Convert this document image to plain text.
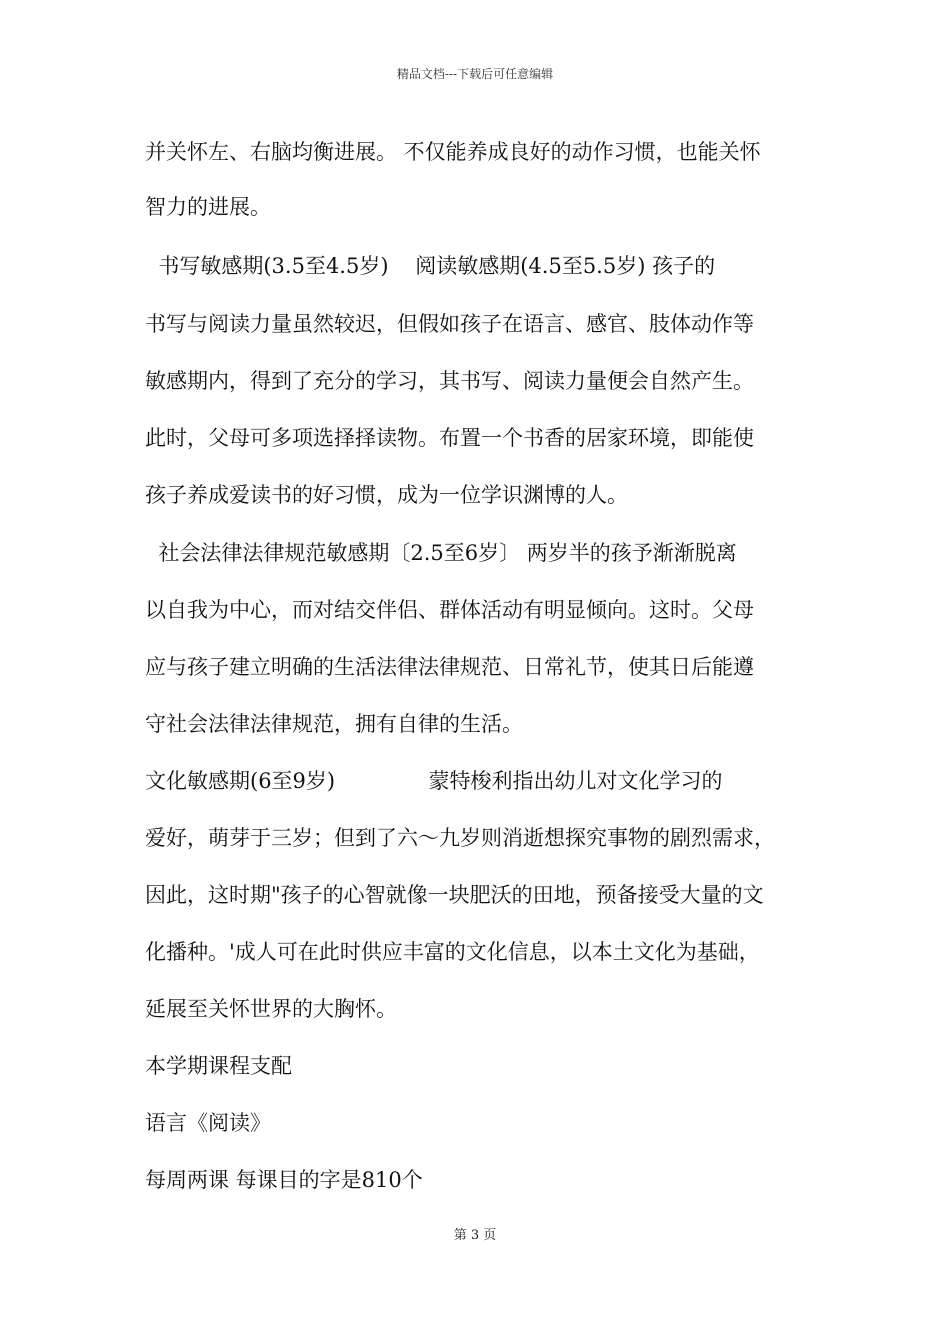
精品文档---下载后可任意编辑
并关怀左、右脑均衡进展。 不仅能养成良好的动作习惯，也能关怀
智力的进展。
书写敏感期(3.5至4.5岁)    阅读敏感期(4.5至5.5岁) 孩子的
书写与阅读力量虽然较迟，但假如孩子在语言、感官、肢体动作等
敏感期内，得到了充分的学习，其书写、阅读力量便会自然产生。
此时，父母可多项选择择读物。布置一个书香的居家环境，即能使
孩子养成爱读书的好习惯，成为一位学识渊博的人。
社会法律法律规范敏感期〔2.5至6岁〕 两岁半的孩予渐渐脱离
以自我为中心，而对结交伴侣、群体活动有明显倾向。这时。父母
应与孩子建立明确的生活法律法律规范、日常礼节，使其日后能遵
守社会法律法律规范，拥有自律的生活。
文化敏感期(6至9岁)              蒙特梭利指出幼儿对文化学习的
爱好，萌芽于三岁；但到了六～九岁则消逝想探究事物的剧烈需求，
因此，这时期"孩子的心智就像一块肥沃的田地，预备接受大量的文
化播种。'成人可在此时供应丰富的文化信息，以本土文化为基础，
延展至关怀世界的大胸怀。
本学期课程支配
语言《阅读》
每周两课 每课目的字是810个
第 3 页
